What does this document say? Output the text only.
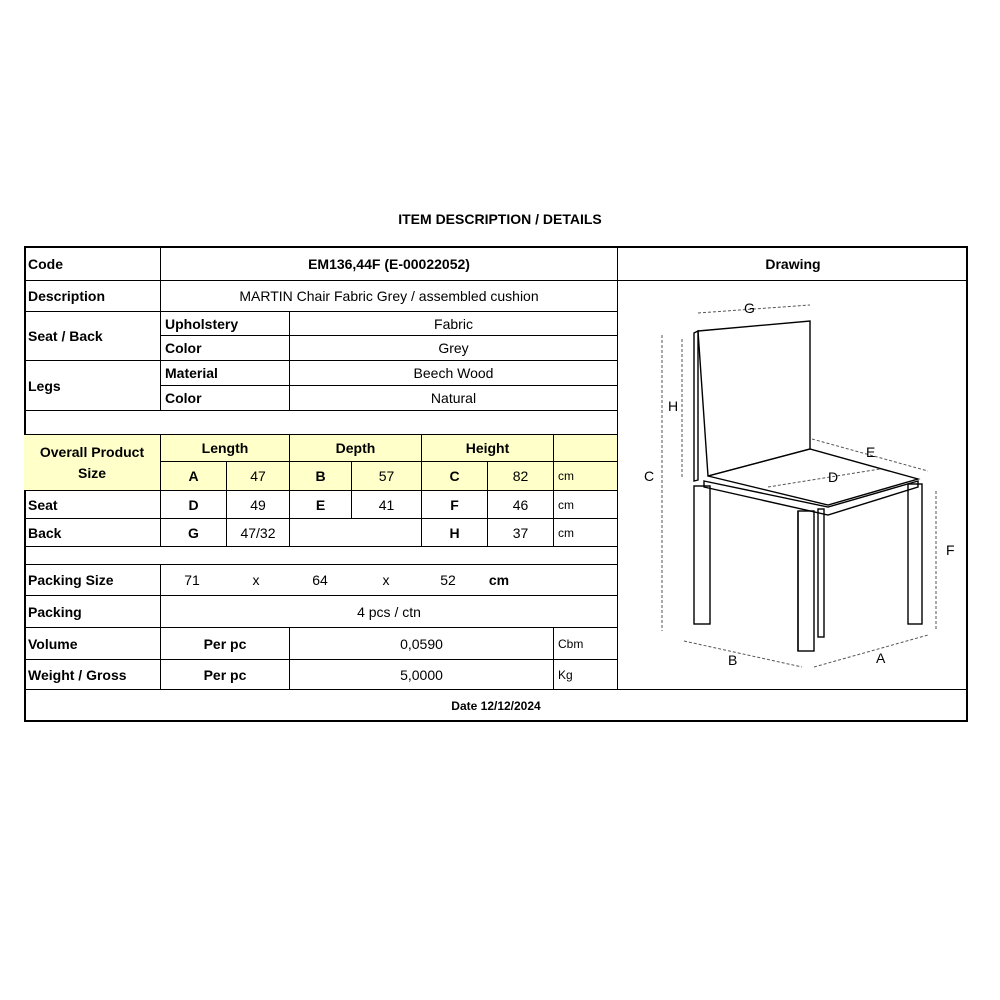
ITEM DESCRIPTION / DETAILS
Code	EM136,44F (E-00022052)	Drawing
Description	MARTIN Chair Fabric Grey / assembled cushion
Seat / Back
Upholstery	Fabric
Color	Grey
Legs
Material	Beech Wood
Color	Natural
Overall Product
Size
Length	Depth	Height
A	47	B	57	C	82	cm
Seat	D	49	E	41	F	46	cm
Back	G	47/32	H	37	cm
Packing Size	71	x	64	x	52	cm
Packing	4 pcs / ctn
Volume	Per pc	0,0590	Cbm
Weight / Gross	Per pc	5,0000	Kg
Date 12/12/2024
G
H
C
E
D
F
B	A
